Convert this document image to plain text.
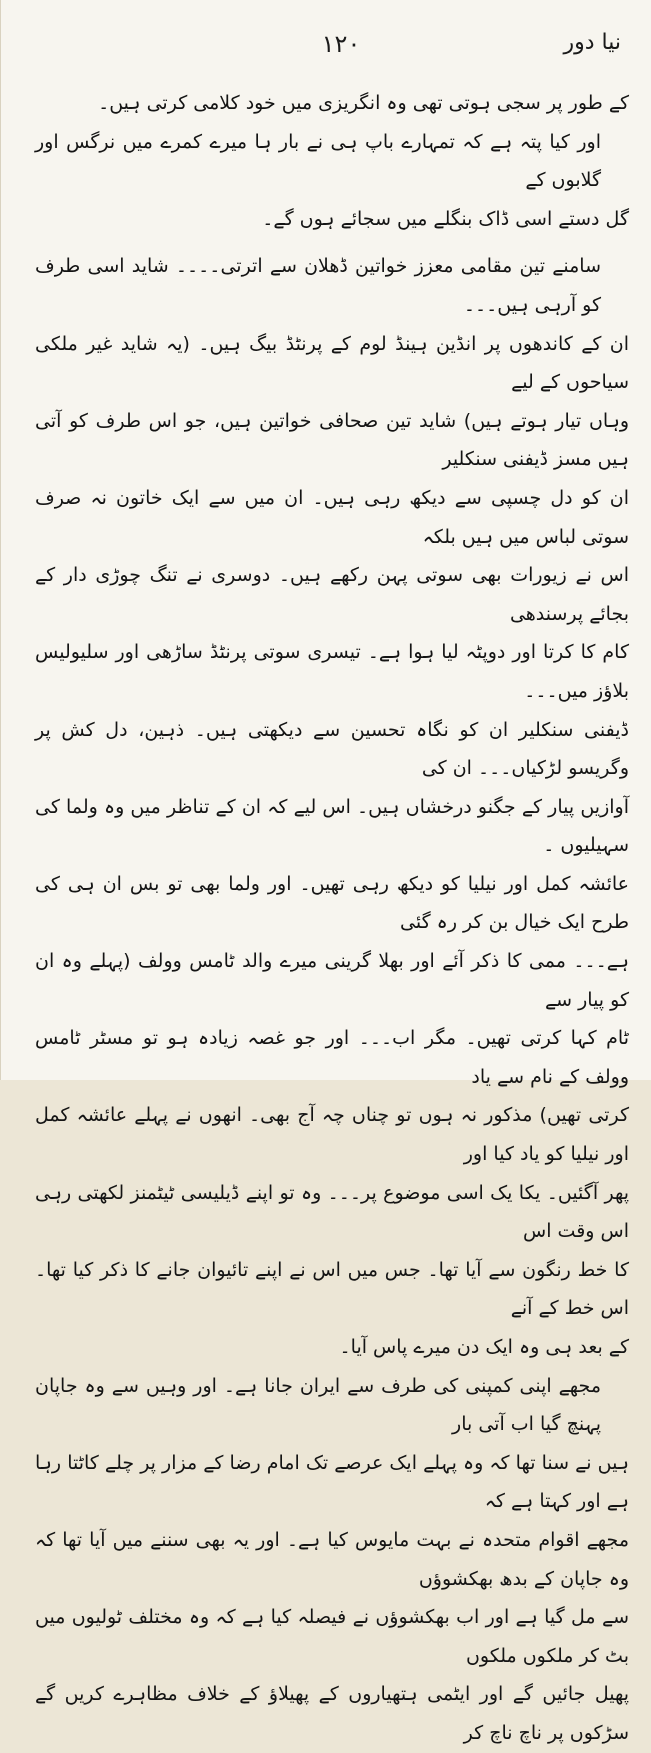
نیا دور
۱۲۰

کے طور پر سجی ہوتی تھی وہ انگریزی میں خود کلامی کرتی ہیں۔

اور کیا پتہ ہے کہ تمہارے باپ ہی نے بار ہا میرے کمرے میں نرگس اور گلابوں کے
گل دستے اسی ڈاک بنگلے میں سجائے ہوں گے۔

سامنے تین مقامی معزز خواتین ڈھلان سے اترتی۔۔۔۔ شاید اسی طرف کو آرہی ہیں۔۔۔
ان کے کاندھوں پر انڈین ہینڈ لوم کے پرنٹڈ بیگ ہیں۔ (یہ شاید غیر ملکی سیاحوں کے لیے
وہاں تیار ہوتے ہیں) شاید تین صحافی خواتین ہیں، جو اس طرف کو آتی ہیں مسز ڈیفنی سنکلیر
ان کو دل چسپی سے دیکھ رہی ہیں۔ ان میں سے ایک خاتون نہ صرف سوتی لباس میں ہیں بلکہ
اس نے زیورات بھی سوتی پہن رکھے ہیں۔ دوسری نے تنگ چوڑی دار کے بجائے پرسندھی
کام کا کرتا اور دوپٹہ لیا ہوا ہے۔ تیسری سوتی پرنٹڈ ساڑھی اور سلیولیس بلاؤز میں۔۔۔
ڈیفنی سنکلیر ان کو نگاہ تحسین سے دیکھتی ہیں۔ ذہین، دل کش پر وگریسو لڑکیاں۔۔۔ ان کی
آوازیں پیار کے جگنو درخشاں ہیں۔ اس لیے کہ ان کے تناظر میں وہ ولما کی سہیلیوں ۔
عائشہ کمل اور نیلیا کو دیکھ رہی تھیں۔ اور ولما بھی تو بس ان ہی کی طرح ایک خیال بن کر رہ گئی
ہے۔۔۔ ممی کا ذکر آئے اور بھلا گرینی میرے والد ٹامس وولف (پہلے وہ ان کو پیار سے
ٹام کہا کرتی تھیں۔ مگر اب۔۔۔ اور جو غصہ زیادہ ہو تو مسٹر ٹامس وولف کے نام سے یاد
کرتی تھیں) مذکور نہ ہوں تو چناں چہ آج بھی۔ انھوں نے پہلے عائشہ کمل اور نیلیا کو یاد کیا اور
پھر آگئیں۔ یکا یک اسی موضوع پر۔۔۔ وہ تو اپنے ڈیلیسی ٹیٹمنز لکھتی رہی اس وقت اس
کا خط رنگون سے آیا تھا۔ جس میں اس نے اپنے تائیوان جانے کا ذکر کیا تھا۔ اس خط کے آنے
کے بعد ہی وہ ایک دن میرے پاس آیا۔

مجھے اپنی کمپنی کی طرف سے ایران جانا ہے۔ اور وہیں سے وہ جاپان پہنچ گیا اب آتی بار
ہیں نے سنا تھا کہ وہ پہلے ایک عرصے تک امام رضا کے مزار پر چلے کاٹتا رہا ہے اور کہتا ہے کہ
مجھے اقوام متحدہ نے بہت مایوس کیا ہے۔ اور یہ بھی سننے میں آیا تھا کہ وہ جاپان کے بدھ بھکشوؤں
سے مل گیا ہے اور اب بھکشوؤں نے فیصلہ کیا ہے کہ وہ مختلف ٹولیوں میں بٹ کر ملکوں ملکوں
پھیل جائیں گے اور ایٹمی ہتھیاروں کے پھیلاؤ کے خلاف مظاہرے کریں گے سڑکوں پر ناچ ناچ کر
